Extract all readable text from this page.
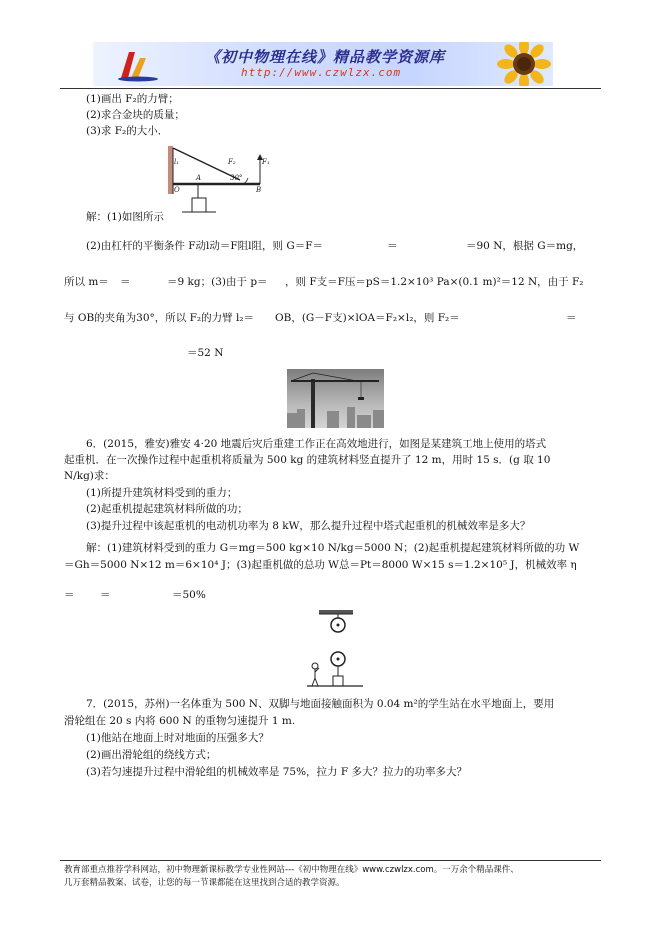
《初中物理在线》精品教学资源库
http://www.czwlzx.com
(1)画出 F₂的力臂；
(2)求合金块的质量；
(3)求 F₂的大小．
l₁	F₂	F₁
O
A	30°
B
解：(1)如图所示
(2)由杠杆的平衡条件 F动l动＝F阻l阻，则 G＝F＝	＝	＝90 N，根据 G＝mg，
所以 m＝ ＝	＝9 kg；(3)由于 p＝ ，则 F支＝F压＝pS＝1.2×10³ Pa×(0.1 m)²＝12 N，由于 F₂
与 OB的夹角为30°，所以 F₂的力臂 l₂＝ OB，(G－F支)×lOA＝F₂×l₂，则 F₂＝	＝
＝52 N
6．(2015，雅安)雅安 4·20 地震后灾后重建工作正在高效地进行，如图是某建筑工地上使用的塔式
起重机．在一次操作过程中起重机将质量为 500 kg 的建筑材料竖直提升了 12 m，用时 15 s．(g 取 10
N/kg)求：
(1)所提升建筑材料受到的重力；
(2)起重机提起建筑材料所做的功；
(3)提升过程中该起重机的电动机功率为 8 kW，那么提升过程中塔式起重机的机械效率是多大？
解：(1)建筑材料受到的重力 G＝mg＝500 kg×10 N/kg＝5000 N；(2)起重机提起建筑材料所做的功 W
＝Gh＝5000 N×12 m＝6×10⁴ J；(3)起重机做的总功 W总＝Pt＝8000 W×15 s＝1.2×10⁵ J，机械效率 η
＝ ＝	＝50%
7．(2015，苏州)一名体重为 500 N、双脚与地面接触面积为 0.04 m²的学生站在水平地面上，要用
滑轮组在 20 s 内将 600 N 的重物匀速提升 1 m.
(1)他站在地面上时对地面的压强多大？
(2)画出滑轮组的绕线方式；
(3)若匀速提升过程中滑轮组的机械效率是 75%，拉力 F 多大？拉力的功率多大？
教育部重点推荐学科网站，初中物理新课标教学专业性网站---《初中物理在线》www.czwlzx.com。一万余个精品课件、
几万套精品教案、试卷，让您的每一节课都能在这里找到合适的教学资源。
